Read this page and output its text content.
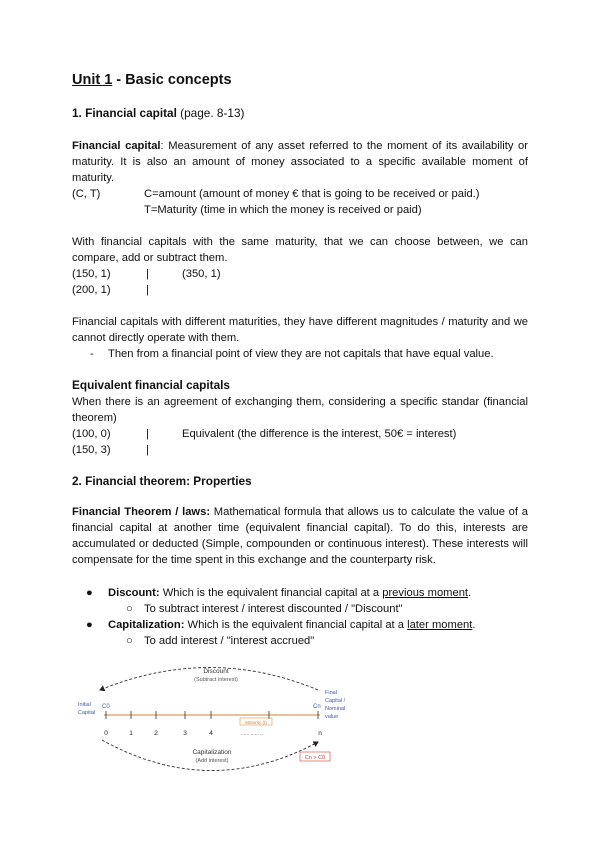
Unit 1 - Basic concepts
1. Financial capital (page. 8-13)
Financial capital: Measurement of any asset referred to the moment of its availability or maturity. It is also an amount of money associated to a specific available moment of maturity.
(C, T)	C=amount (amount of money € that is going to be received or paid.)
T=Maturity (time in which the money is received or paid)
With financial capitals with the same maturity, that we can choose between, we can compare, add or subtract them.
(150, 1)	|	(350, 1)
(200, 1)	|
Financial capitals with different maturities, they have different magnitudes / maturity and we cannot directly operate with them.
- Then from a financial point of view they are not capitals that have equal value.
Equivalent financial capitals
When there is an agreement of exchanging them, considering a specific standar (financial theorem)
(100, 0)	|	Equivalent (the difference is the interest, 50€ = interest)
(150, 3)	|
2. Financial theorem: Properties
Financial Theorem / laws: Mathematical formula that allows us to calculate the value of a financial capital at another time (equivalent financial capital). To do this, interests are accumulated or deducted (Simple, compounden or continuous interest). These interests will compensate for the time spent in this exchange and the counterparty risk.
● Discount: Which is the equivalent financial capital at a previous moment.
○ To subtract interest / interest discounted / "Discount"
● Capitalization: Which is the equivalent financial capital at a later moment.
○ To add interest / "interest accrued"
Discount
(Subtract interest)
Initial
Capital
C0
Maturity (t)
0	1	2	3	4	n
...... ...... ..
Cn
Final
Capital /
Nominal
value
Capitalization
(Add interest)	Cn > C0
